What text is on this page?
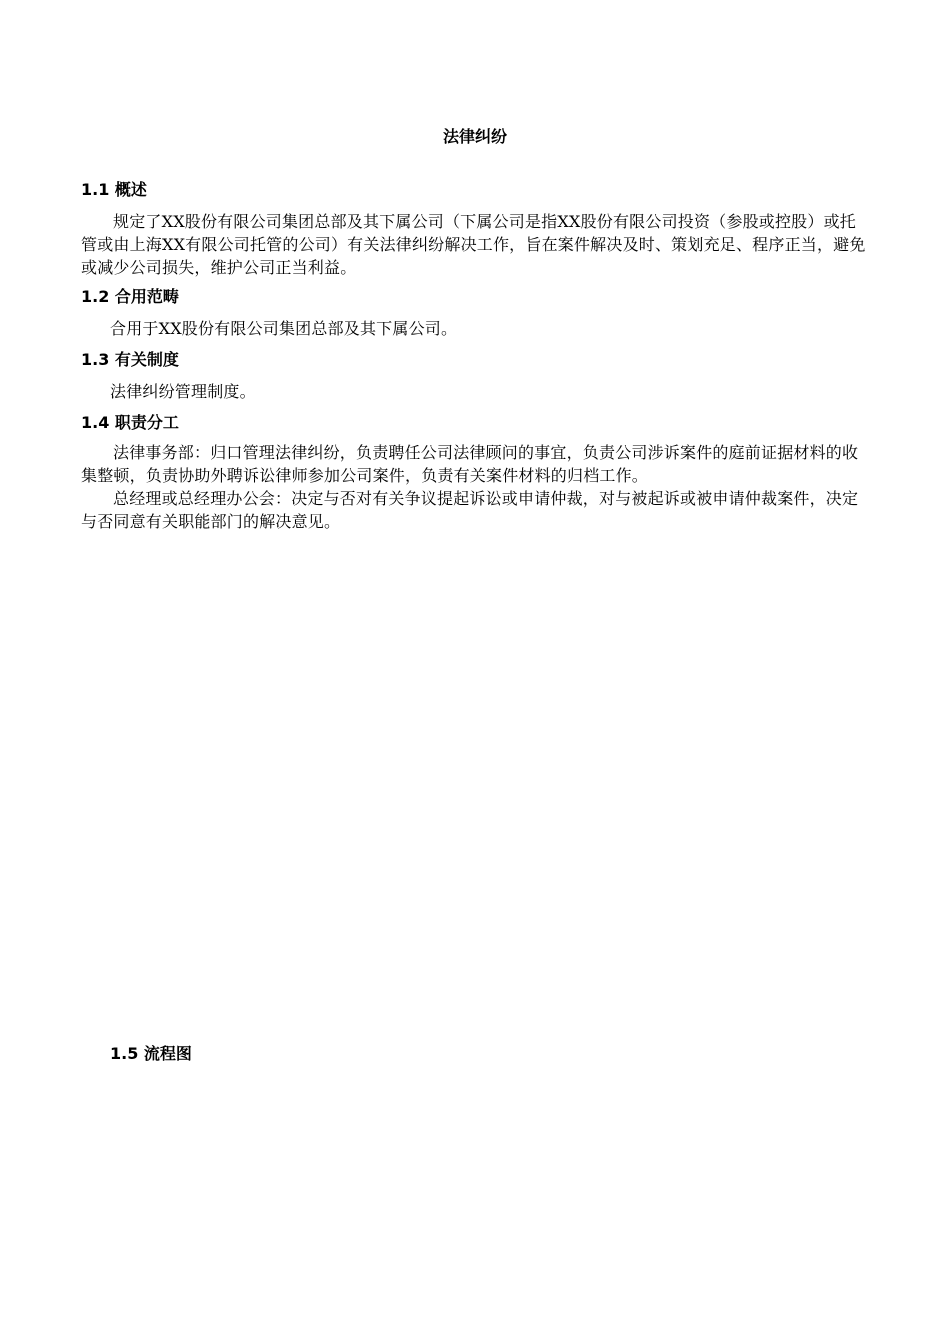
法律纠纷
1.1 概述

规定了XX股份有限公司集团总部及其下属公司（下属公司是指XX股份有限公司投资（参股或控股）或托管或由上海XX有限公司托管的公司）有关法律纠纷解决工作，旨在案件解决及时、策划充足、程序正当，避免或减少公司损失，维护公司正当利益。

1.2 合用范畴

合用于XX股份有限公司集团总部及其下属公司。

1.3 有关制度

法律纠纷管理制度。

1.4 职责分工

法律事务部：归口管理法律纠纷，负责聘任公司法律顾问的事宜，负责公司涉诉案件的庭前证据材料的收集整顿，负责协助外聘诉讼律师参加公司案件，负责有关案件材料的归档工作。

总经理或总经理办公会：决定与否对有关争议提起诉讼或申请仲裁，对与被起诉或被申请仲裁案件，决定与否同意有关职能部门的解决意见。

1.5 流程图
